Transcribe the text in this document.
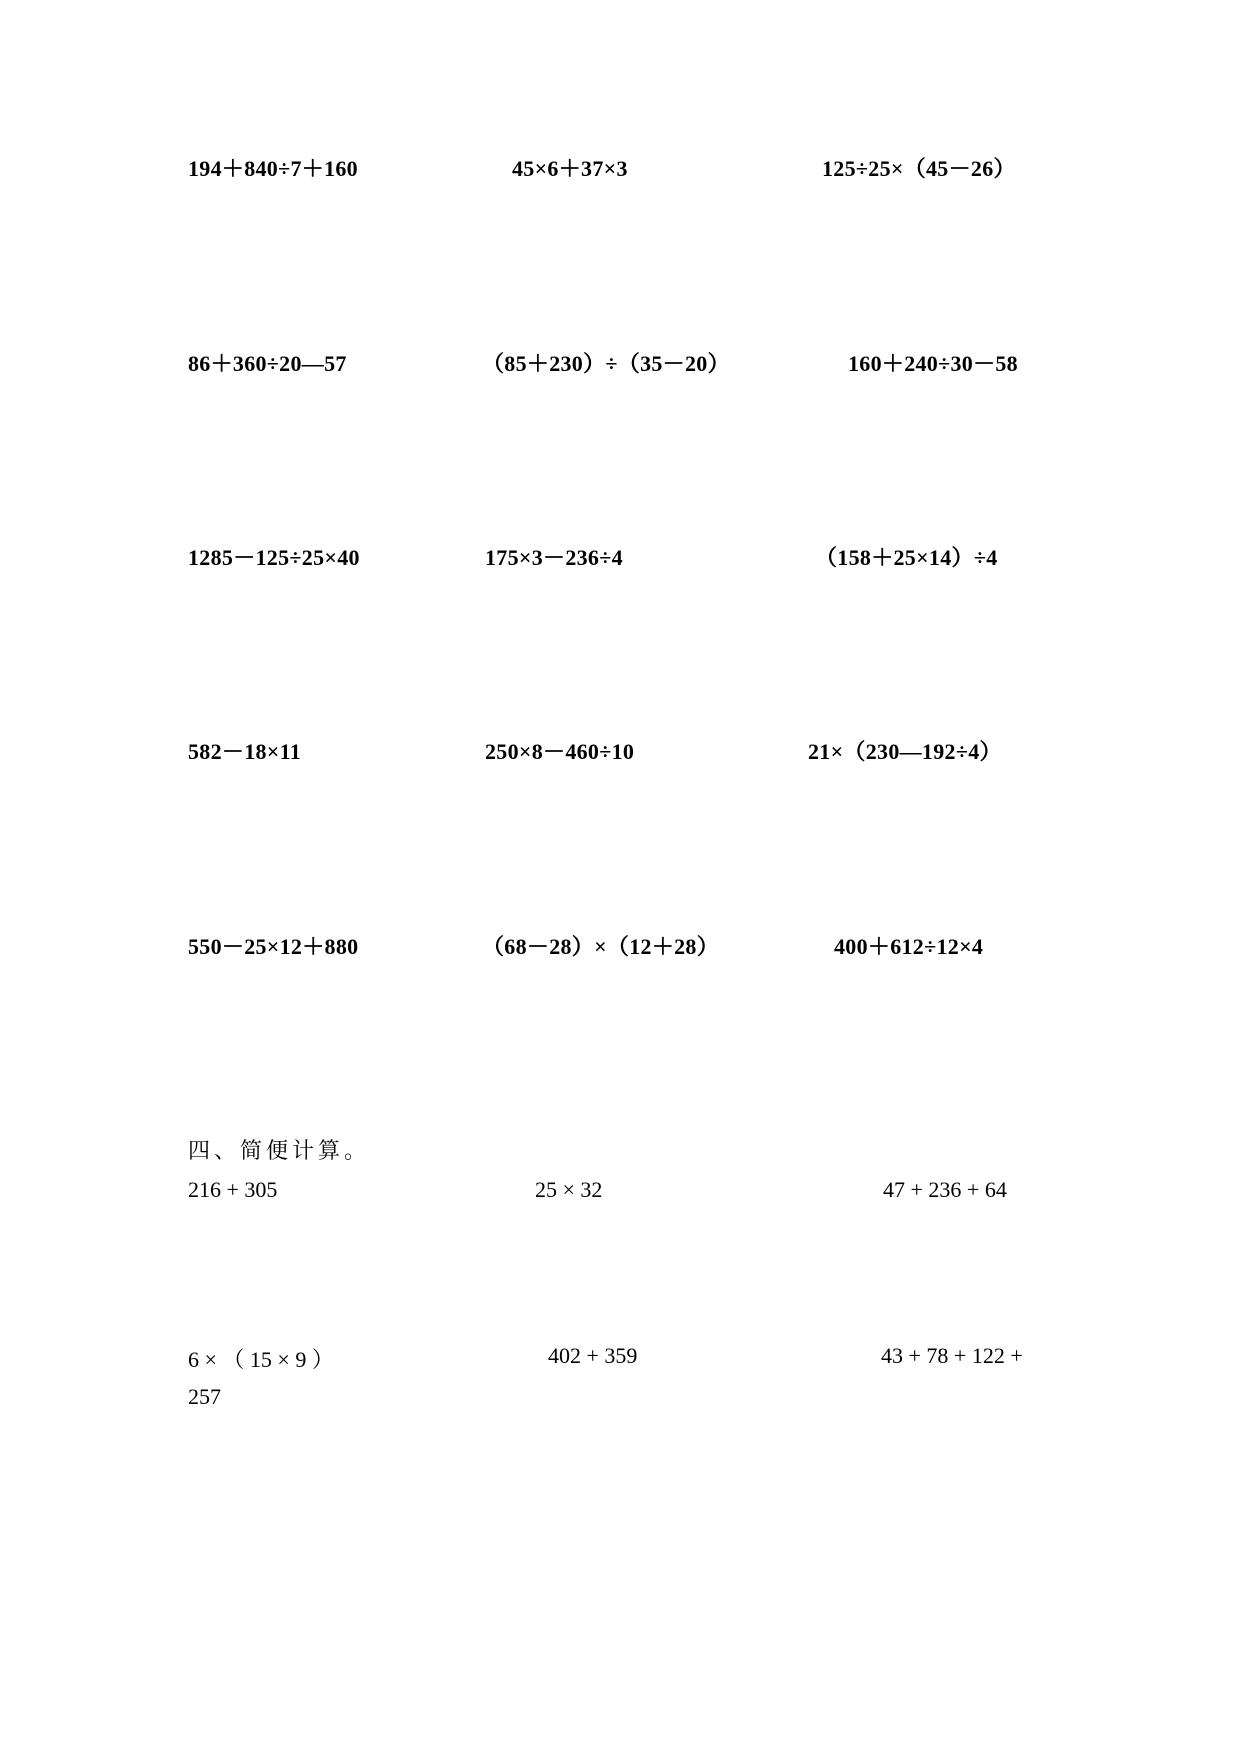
194＋840÷7＋160	45×6＋37×3	125÷25×（45－26）
86＋360÷20—57	（85＋230）÷（35－20）	160＋240÷30－58
1285－125÷25×40	175×3－236÷4	（158＋25×14）÷4
582－18×11	250×8－460÷10	21×（230—192÷4）
550－25×12＋880	（68－28）×（12＋28）	400＋612÷12×4
四、简便计算。
216 + 305	25 × 32	47 + 236 + 64
6 × （ 15 × 9 ）	402 + 359	43 + 78 + 122 +
257
